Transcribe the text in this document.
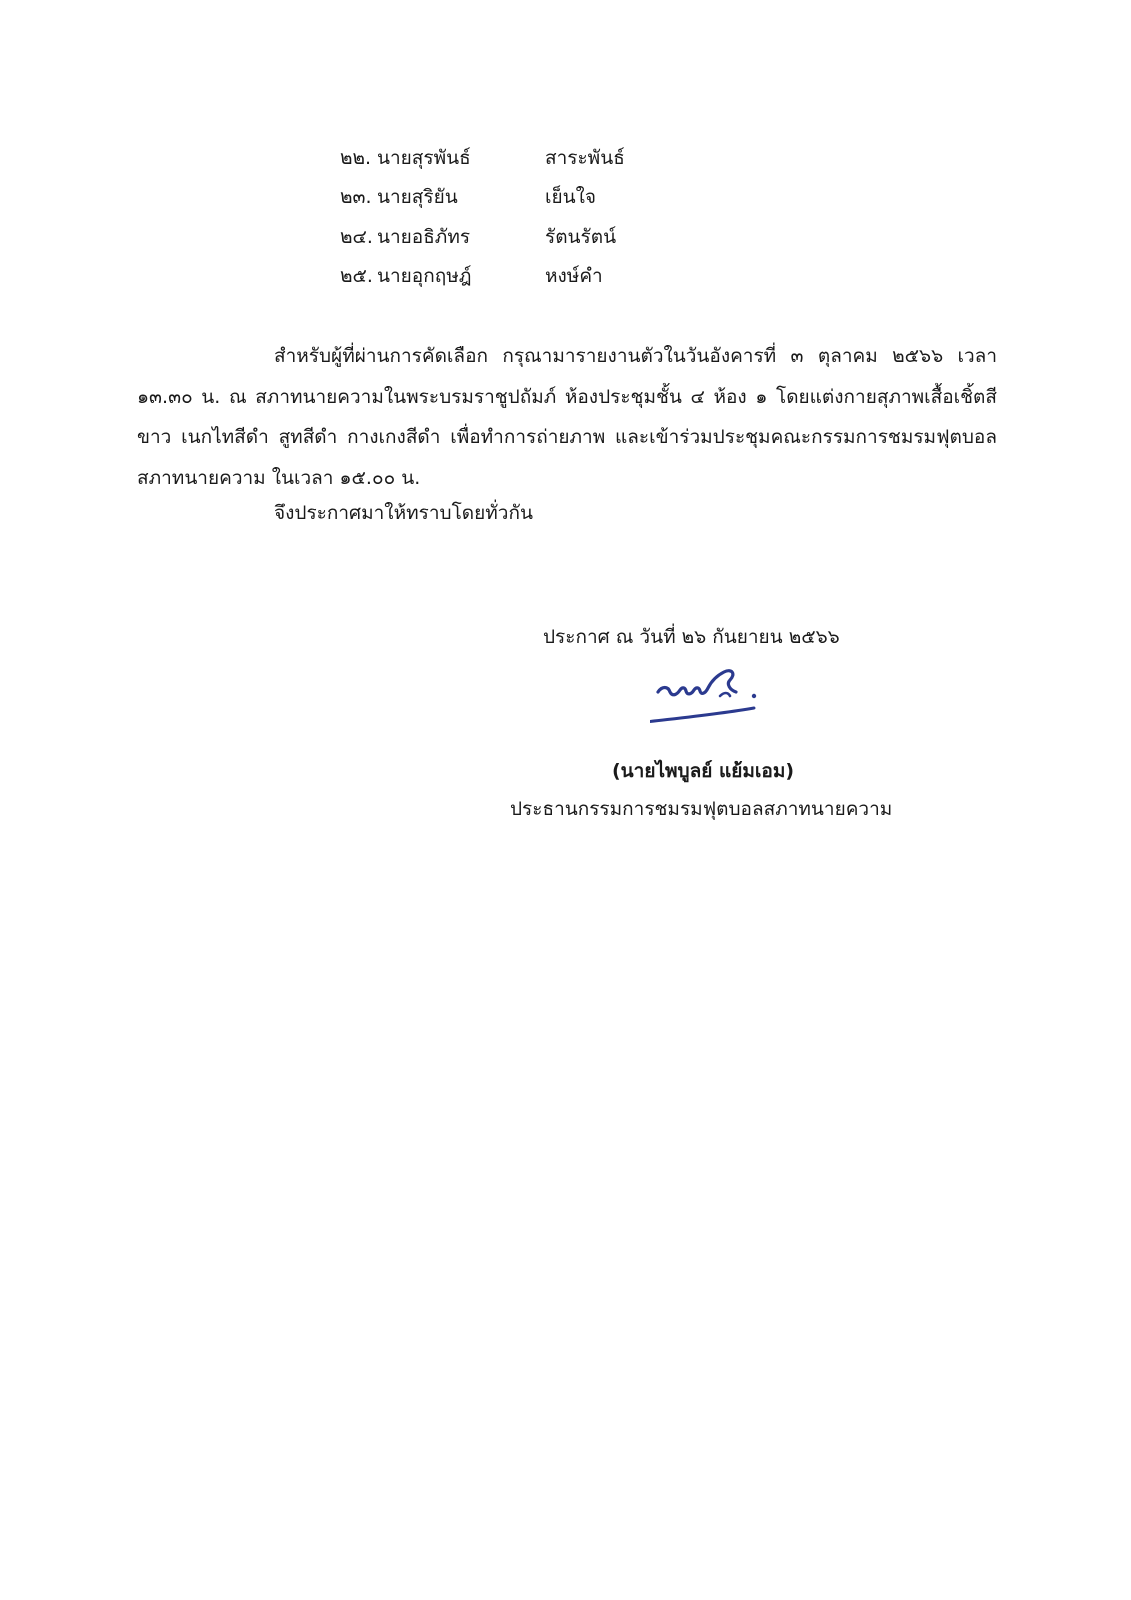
๒๒. นายสุรพันธ์	สาระพันธ์
๒๓. นายสุริยัน	เย็นใจ
๒๔. นายอธิภัทร	รัตนรัตน์
๒๕. นายอุกฤษฎ์	หงษ์คำ
สำหรับผู้ที่ผ่านการคัดเลือก กรุณามารายงานตัวในวันอังคารที่ ๓ ตุลาคม ๒๕๖๖ เวลา ๑๓.๓๐ น. ณ สภาทนายความในพระบรมราชูปถัมภ์ ห้องประชุมชั้น ๔ ห้อง ๑ โดยแต่งกายสุภาพเสื้อเชิ้ตสีขาว เนกไทสีดำ สูทสีดำ กางเกงสีดำ เพื่อทำการถ่ายภาพ และเข้าร่วมประชุมคณะกรรมการชมรมฟุตบอลสภาทนายความ ในเวลา ๑๕.๐๐ น.
จึงประกาศมาให้ทราบโดยทั่วกัน
ประกาศ ณ วันที่ ๒๖ กันยายน ๒๕๖๖
(นายไพบูลย์ แย้มเอม)
ประธานกรรมการชมรมฟุตบอลสภาทนายความ
